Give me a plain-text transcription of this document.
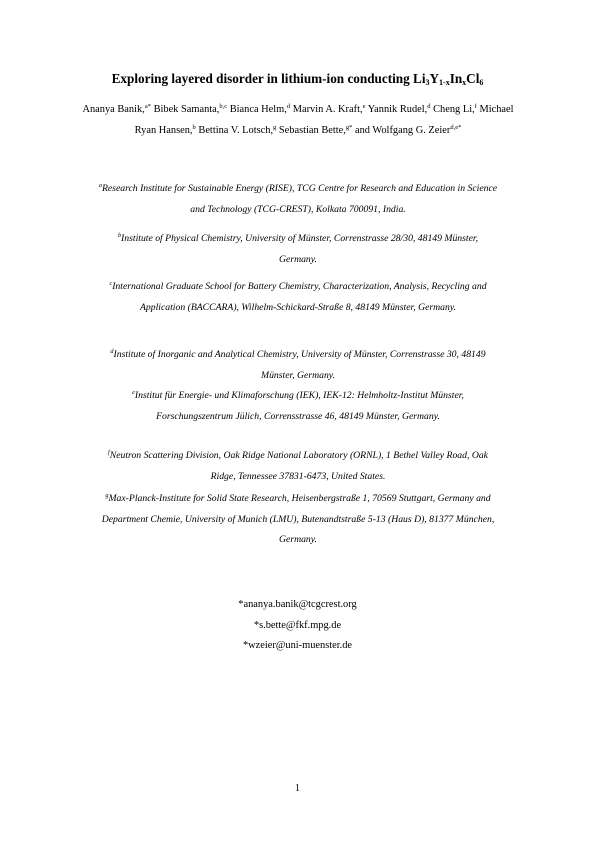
Exploring layered disorder in lithium-ion conducting $Li_3Y_{1-x}In_xCl_6$
Ananya Banik,$^{a*}$ Bibek Samanta,$^{b,c}$ Bianca Helm,$^d$ Marvin A. Kraft,$^e$ Yannik Rudel,$^d$ Cheng Li,$^f$ Michael Ryan Hansen,$^b$ Bettina V. Lotsch,$^g$ Sebastian Bette,$^{g*}$ and Wolfgang G. Zeier$^{d,e*}$
$^a$Research Institute for Sustainable Energy (RISE), TCG Centre for Research and Education in Science and Technology (TCG-CREST), Kolkata 700091, India.
$^b$Institute of Physical Chemistry, University of Münster, Correnstrasse 28/30, 48149 Münster, Germany.
$^c$International Graduate School for Battery Chemistry, Characterization, Analysis, Recycling and Application (BACCARA), Wilhelm-Schickard-Straße 8, 48149 Münster, Germany.
$^d$Institute of Inorganic and Analytical Chemistry, University of Münster, Correnstrasse 30, 48149 Münster, Germany.
$^e$Institut für Energie- und Klimaforschung (IEK), IEK-12: Helmholtz-Institut Münster, Forschungszentrum Jülich, Corrensstrasse 46, 48149 Münster, Germany.
$^f$Neutron Scattering Division, Oak Ridge National Laboratory (ORNL), 1 Bethel Valley Road, Oak Ridge, Tennessee 37831-6473, United States.
$^g$Max-Planck-Institute for Solid State Research, Heisenbergstraße 1, 70569 Stuttgart, Germany and Department Chemie, University of Munich (LMU), Butenandtstraße 5-13 (Haus D), 81377 München, Germany.
*ananya.banik@tcgcrest.org
*s.bette@fkf.mpg.de
*wzeier@uni-muenster.de
1
